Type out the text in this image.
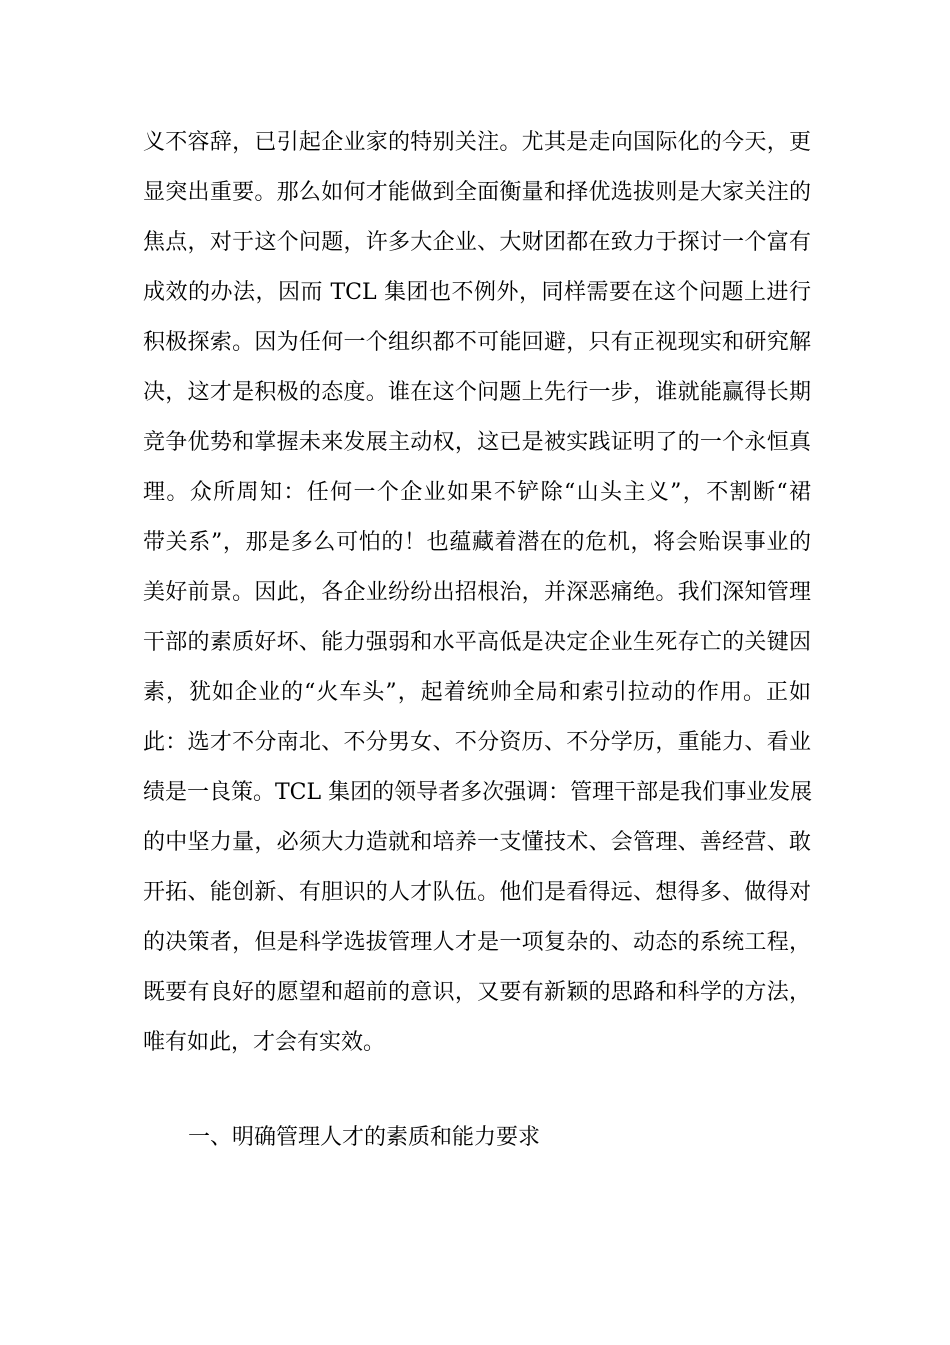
义不容辞，已引起企业家的特别关注。尤其是走向国际化的今天，更
显突出重要。那么如何才能做到全面衡量和择优选拔则是大家关注的
焦点，对于这个问题，许多大企业、大财团都在致力于探讨一个富有
成效的办法，因而 TCL 集团也不例外，同样需要在这个问题上进行
积极探索。因为任何一个组织都不可能回避，只有正视现实和研究解
决，这才是积极的态度。谁在这个问题上先行一步，谁就能赢得长期
竞争优势和掌握未来发展主动权，这已是被实践证明了的一个永恒真
理。众所周知：任何一个企业如果不铲除“山头主义”，不割断“裙
带关系”，那是多么可怕的！也蕴藏着潜在的危机，将会贻误事业的
美好前景。因此，各企业纷纷出招根治，并深恶痛绝。我们深知管理
干部的素质好坏、能力强弱和水平高低是决定企业生死存亡的关键因
素，犹如企业的“火车头”，起着统帅全局和索引拉动的作用。正如
此：选才不分南北、不分男女、不分资历、不分学历，重能力、看业
绩是一良策。TCL 集团的领导者多次强调：管理干部是我们事业发展
的中坚力量，必须大力造就和培养一支懂技术、会管理、善经营、敢
开拓、能创新、有胆识的人才队伍。他们是看得远、想得多、做得对
的决策者，但是科学选拔管理人才是一项复杂的、动态的系统工程，
既要有良好的愿望和超前的意识，又要有新颖的思路和科学的方法，
唯有如此，才会有实效。
一、明确管理人才的素质和能力要求
